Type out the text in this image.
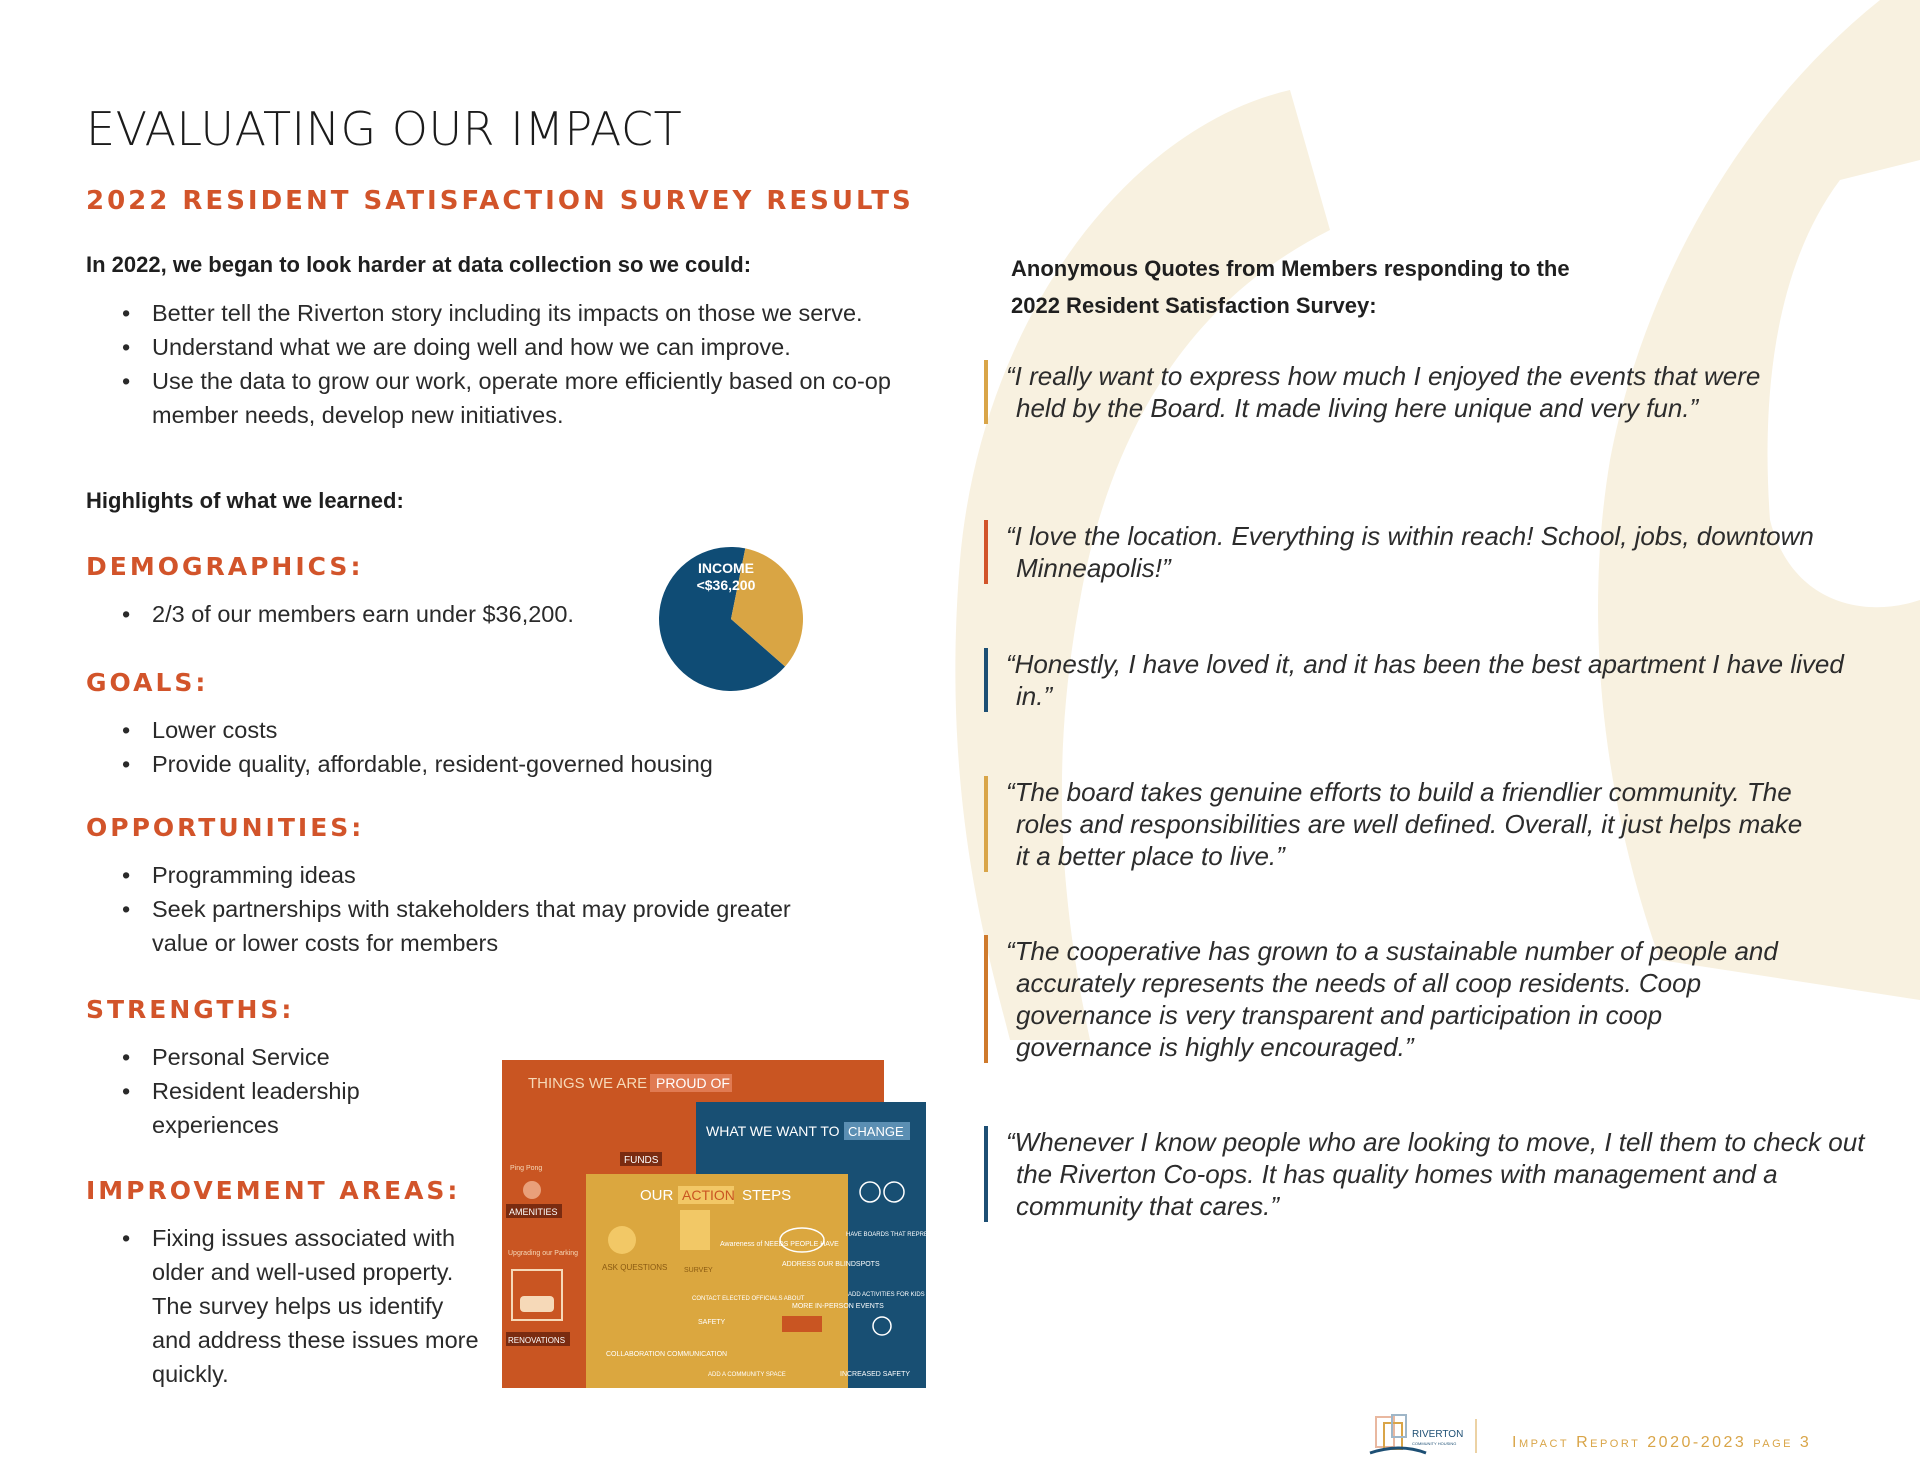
EVALUATING OUR IMPACT
2022 RESIDENT SATISFACTION SURVEY RESULTS

In 2022, we began to look harder at data collection so we could:

• Better tell the Riverton story including its impacts on those we serve.
• Understand what we are doing well and how we can improve.
• Use the data to grow our work, operate more efficiently based on co-op member needs, develop new initiatives.

Highlights of what we learned:

DEMOGRAPHICS:
• 2/3 of our members earn under $36,200.
INCOME
<$36,200
GOALS:
• Lower costs
• Provide quality, affordable, resident-governed housing
OPPORTUNITIES:
• Programming ideas
• Seek partnerships with stakeholders that may provide greater value or lower costs for members
STRENGTHS:
• Personal Service
• Resident leadership experiences
IMPROVEMENT AREAS:
• Fixing issues associated with older and well-used property. The survey helps us identify and address these issues more quickly.
THINGS WE ARE PROUD OF
WHAT WE WANT TO CHANGE
OUR ACTION STEPS
FUNDS
AMENITIES
RENOVATIONS
Ping Pong
Upgrading our Parking
INCREASED SAFETY
ADD ACTIVITIES FOR KIDS
HAVE BOARDS THAT REPRESENT OUR DIVERSITY
ASK QUESTIONS
Awareness of NEEDS PEOPLE HAVE
ADDRESS OUR BLINDSPOTS
COLLABORATION COMMUNICATION
MORE IN-PERSON EVENTS
CONTACT ELECTED OFFICIALS ABOUT
SAFETY
SURVEY
ADD A COMMUNITY SPACE

Anonymous Quotes from Members responding to the
2022 Resident Satisfaction Survey:

“I really want to express how much I enjoyed the events that were held by the Board. It made living here unique and very fun.”
“I love the location. Everything is within reach! School, jobs, downtown Minneapolis!”
“Honestly, I have loved it, and it has been the best apartment I have lived in.”
“The board takes genuine efforts to build a friendlier community. The roles and responsibilities are well defined. Overall, it just helps make it a better place to live.”
“The cooperative has grown to a sustainable number of people and accurately represents the needs of all coop residents. Coop governance is very transparent and participation in coop governance is highly encouraged.”
“Whenever I know people who are looking to move, I tell them to check out the Riverton Co-ops. It has quality homes with management and a community that cares.”
RIVERTON
COMMUNITY HOUSING	Impact Report 2020-2023 page 3
